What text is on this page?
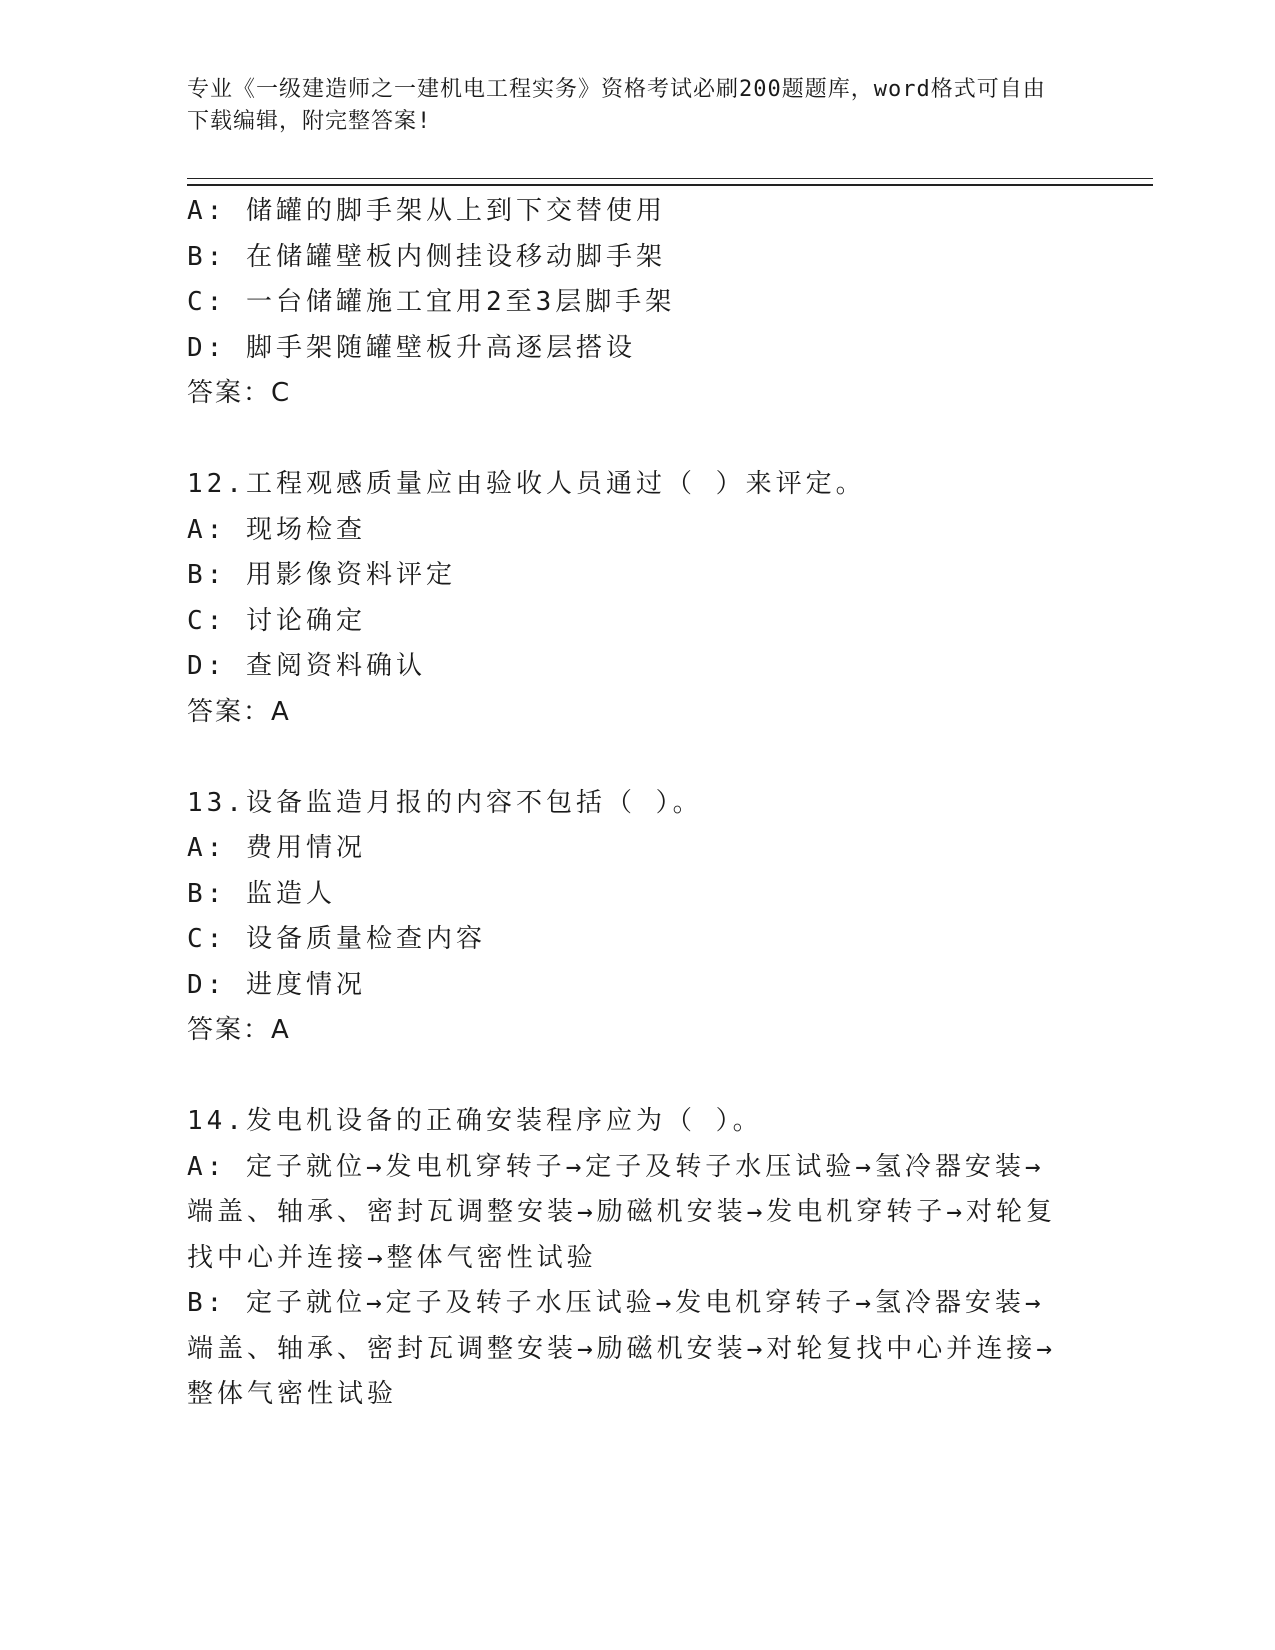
专业《一级建造师之一建机电工程实务》资格考试必刷200题题库，word格式可自由下载编辑，附完整答案!
A: 储罐的脚手架从上到下交替使用
B: 在储罐壁板内侧挂设移动脚手架
C: 一台储罐施工宜用2至3层脚手架
D: 脚手架随罐壁板升高逐层搭设
答案：C
12.工程观感质量应由验收人员通过（ ）来评定。
A: 现场检查
B: 用影像资料评定
C: 讨论确定
D: 查阅资料确认
答案：A
13.设备监造月报的内容不包括（ ）。
A: 费用情况
B: 监造人
C: 设备质量检查内容
D: 进度情况
答案：A
14.发电机设备的正确安装程序应为（ ）。
A: 定子就位→发电机穿转子→定子及转子水压试验→氢冷器安装→端盖、轴承、密封瓦调整安装→励磁机安装→发电机穿转子→对轮复找中心并连接→整体气密性试验
B: 定子就位→定子及转子水压试验→发电机穿转子→氢冷器安装→端盖、轴承、密封瓦调整安装→励磁机安装→对轮复找中心并连接→整体气密性试验
